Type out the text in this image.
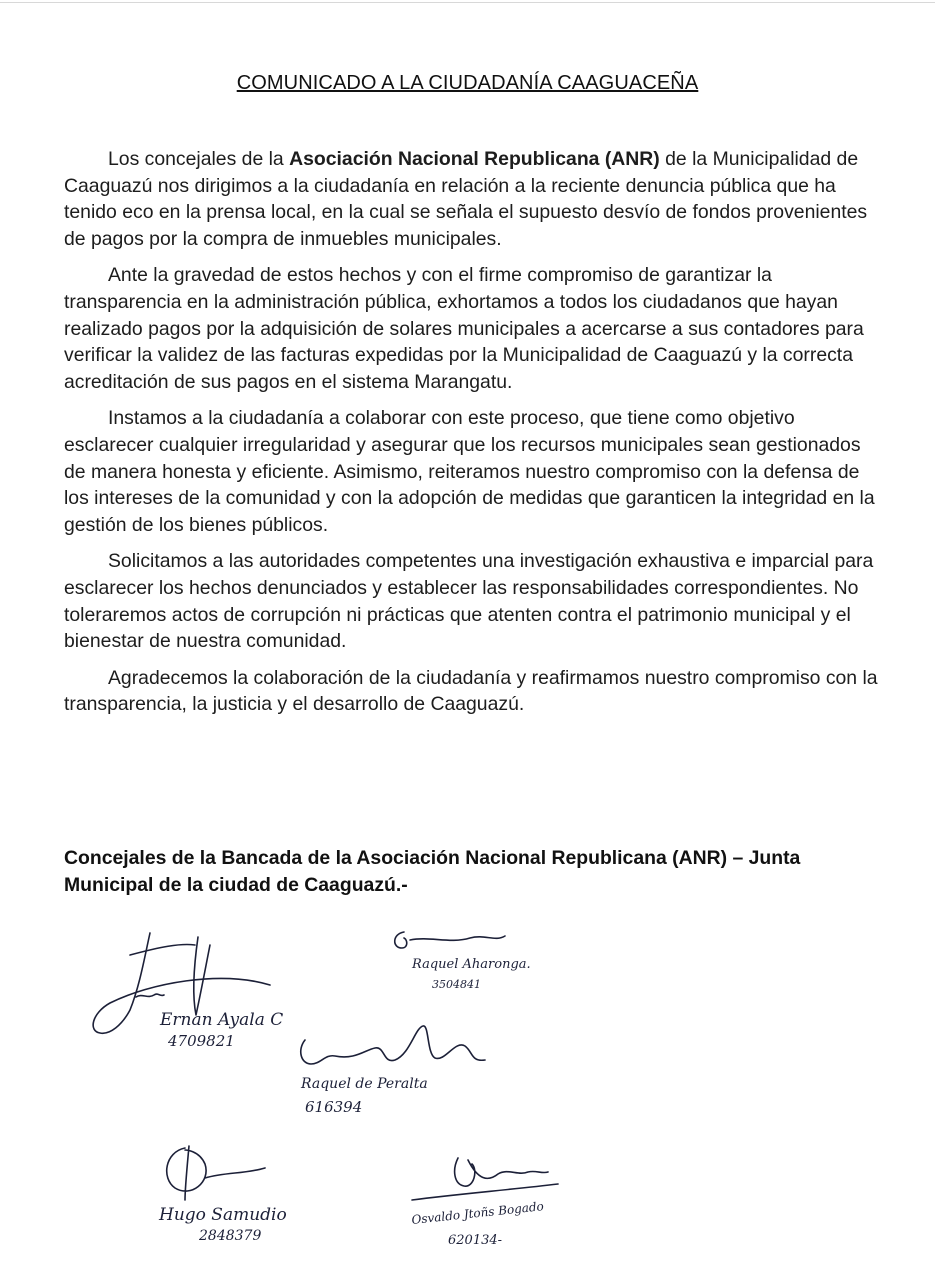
COMUNICADO A LA CIUDADANÍA CAAGUACEÑA

Los concejales de la Asociación Nacional Republicana (ANR) de la Municipalidad de Caaguazú nos dirigimos a la ciudadanía en relación a la reciente denuncia pública que ha tenido eco en la prensa local, en la cual se señala el supuesto desvío de fondos provenientes de pagos por la compra de inmuebles municipales.

Ante la gravedad de estos hechos y con el firme compromiso de garantizar la transparencia en la administración pública, exhortamos a todos los ciudadanos que hayan realizado pagos por la adquisición de solares municipales a acercarse a sus contadores para verificar la validez de las facturas expedidas por la Municipalidad de Caaguazú y la correcta acreditación de sus pagos en el sistema Marangatu.

Instamos a la ciudadanía a colaborar con este proceso, que tiene como objetivo esclarecer cualquier irregularidad y asegurar que los recursos municipales sean gestionados de manera honesta y eficiente. Asimismo, reiteramos nuestro compromiso con la defensa de los intereses de la comunidad y con la adopción de medidas que garanticen la integridad en la gestión de los bienes públicos.

Solicitamos a las autoridades competentes una investigación exhaustiva e imparcial para esclarecer los hechos denunciados y establecer las responsabilidades correspondientes. No toleraremos actos de corrupción ni prácticas que atenten contra el patrimonio municipal y el bienestar de nuestra comunidad.

Agradecemos la colaboración de la ciudadanía y reafirmamos nuestro compromiso con la transparencia, la justicia y el desarrollo de Caaguazú.

Concejales de la Bancada de la Asociación Nacional Republicana (ANR) – Junta Municipal de la ciudad de Caaguazú.-
Ernan Ayala C
4709821
Raquel Aharonga.
3504841
Raquel de Peralta
616394
Hugo Samudio
2848379
Osvaldo Jtoñs Bogado
620134-
